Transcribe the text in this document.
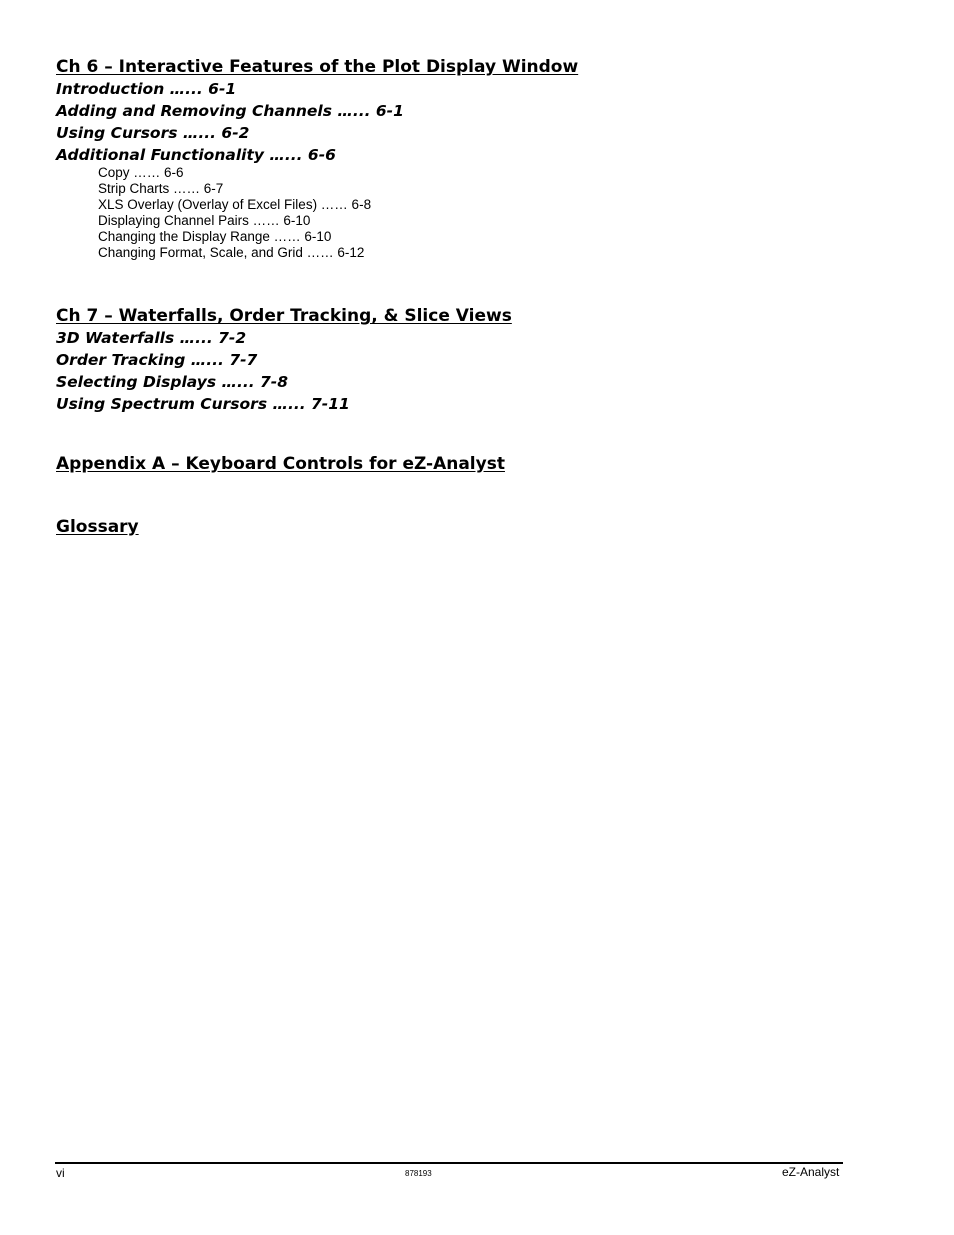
Ch 6 – Interactive Features of the Plot Display Window
Introduction …... 6-1
Adding and Removing Channels …... 6-1
Using Cursors …... 6-2
Additional Functionality …... 6-6
Copy …… 6-6
Strip Charts …… 6-7
XLS Overlay (Overlay of Excel Files) …… 6-8
Displaying Channel Pairs …… 6-10
Changing the Display Range …… 6-10
Changing Format, Scale, and Grid …… 6-12
Ch 7 – Waterfalls, Order Tracking, & Slice Views
3D Waterfalls …... 7-2
Order Tracking …... 7-7
Selecting Displays …... 7-8
Using Spectrum Cursors …... 7-11
Appendix A – Keyboard Controls for eZ-Analyst
Glossary
vi	878193	eZ-Analyst
